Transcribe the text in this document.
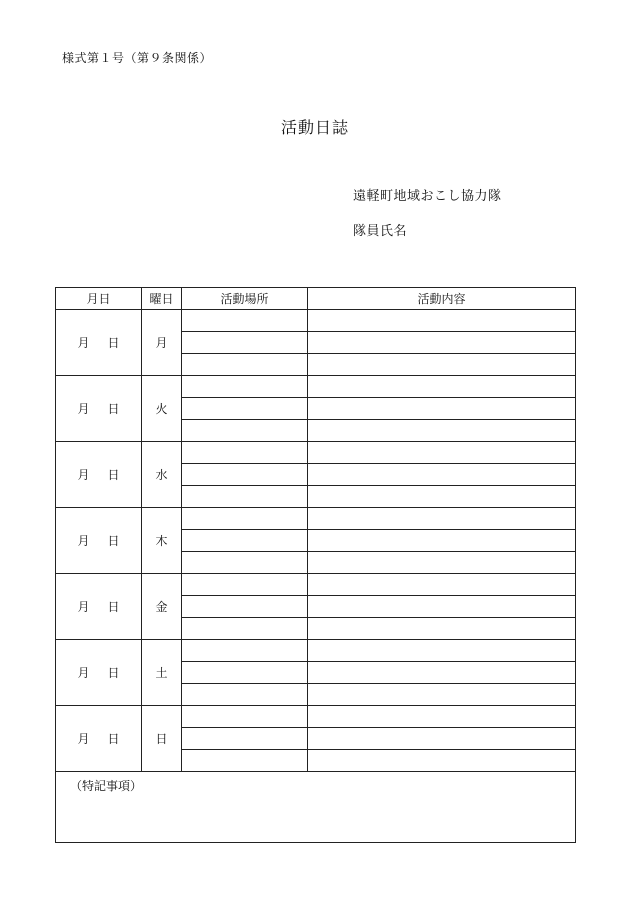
様式第１号（第９条関係）
活動日誌
遠軽町地域おこし協力隊
隊員氏名
月日	曜日	活動場所	活動内容
月 日	月		

月 日	火		

月 日	水		

月 日	木		

月 日	金		

月 日	土		

月 日	日		

（特記事項）			
